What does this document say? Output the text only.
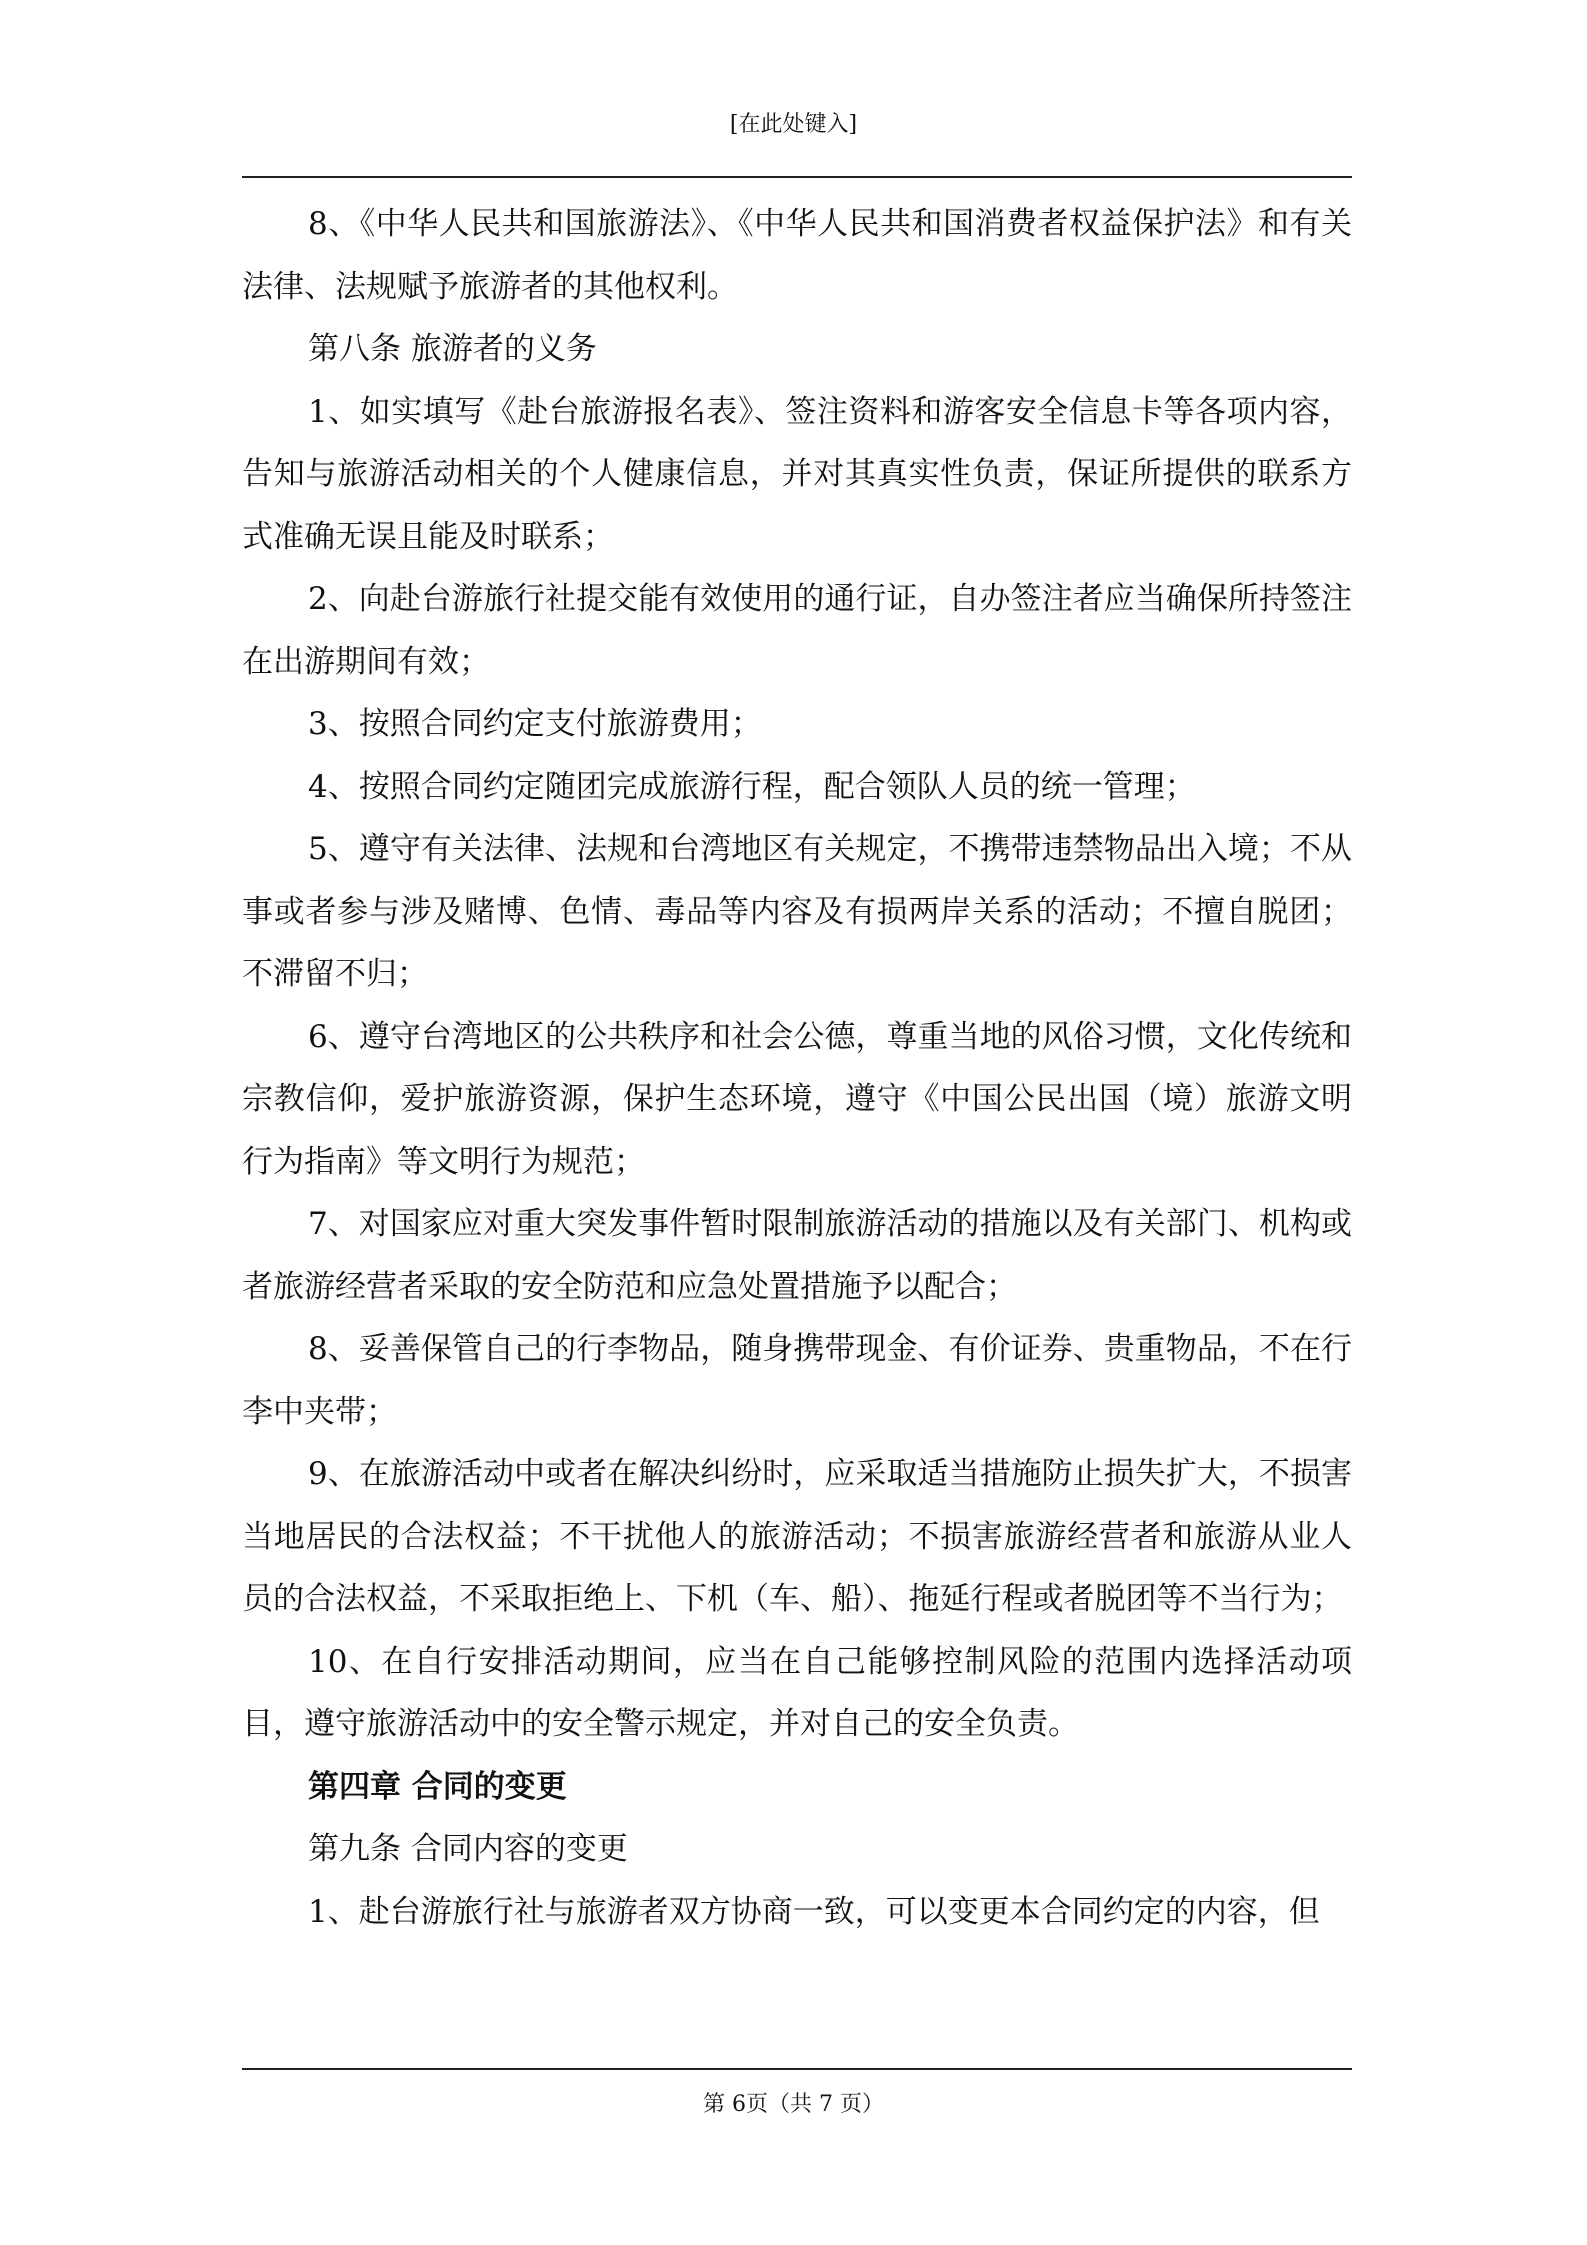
[在此处键入]

8、《中华人民共和国旅游法》、《中华人民共和国消费者权益保护法》和有关法律、法规赋予旅游者的其他权利。

第八条 旅游者的义务

1、如实填写《赴台旅游报名表》、签注资料和游客安全信息卡等各项内容，告知与旅游活动相关的个人健康信息，并对其真实性负责，保证所提供的联系方式准确无误且能及时联系；

2、向赴台游旅行社提交能有效使用的通行证，自办签注者应当确保所持签注在出游期间有效；

3、按照合同约定支付旅游费用；

4、按照合同约定随团完成旅游行程，配合领队人员的统一管理；

5、遵守有关法律、法规和台湾地区有关规定，不携带违禁物品出入境；不从事或者参与涉及赌博、色情、毒品等内容及有损两岸关系的活动；不擅自脱团；不滞留不归；

6、遵守台湾地区的公共秩序和社会公德，尊重当地的风俗习惯，文化传统和宗教信仰，爱护旅游资源，保护生态环境，遵守《中国公民出国（境）旅游文明行为指南》等文明行为规范；

7、对国家应对重大突发事件暂时限制旅游活动的措施以及有关部门、机构或者旅游经营者采取的安全防范和应急处置措施予以配合；

8、妥善保管自己的行李物品，随身携带现金、有价证券、贵重物品，不在行李中夹带；

9、在旅游活动中或者在解决纠纷时，应采取适当措施防止损失扩大，不损害当地居民的合法权益；不干扰他人的旅游活动；不损害旅游经营者和旅游从业人员的合法权益，不采取拒绝上、下机（车、船）、拖延行程或者脱团等不当行为；

10、在自行安排活动期间，应当在自己能够控制风险的范围内选择活动项目，遵守旅游活动中的安全警示规定，并对自己的安全负责。

第四章 合同的变更

第九条 合同内容的变更

1、赴台游旅行社与旅游者双方协商一致，可以变更本合同约定的内容，但

第 6页（共 7 页）
